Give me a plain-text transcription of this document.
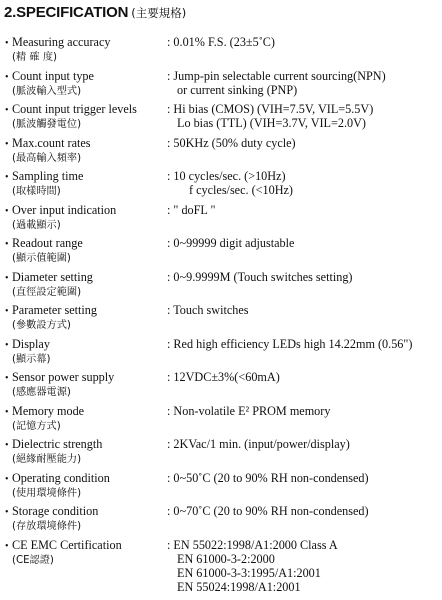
2.SPECIFICATION (主要規格)
• Measuring accuracy
(精 確 度)
: 0.01% F.S. (23±5˚C)
• Count input type
(脈波輸入型式)
: Jump-pin selectable current sourcing(NPN)
or current sinking (PNP)
• Count input trigger levels
(脈波觸發電位)
: Hi bias (CMOS) (VIH=7.5V, VIL=5.5V)
Lo bias (TTL) (VIH=3.7V, VIL=2.0V)
• Max.count rates
(最高輸入頻率)
: 50KHz (50% duty cycle)
• Sampling time
(取樣時間)
: 10 cycles/sec. (>10Hz)
f cycles/sec. (<10Hz)
• Over input indication
(過載顯示)
: " doFL "
• Readout range
(顯示值範圍)
: 0~99999 digit adjustable
• Diameter setting
(直徑設定範圍)
: 0~9.9999M (Touch switches setting)
• Parameter setting
(參數設方式)
: Touch switches
• Display
(顯示幕)
: Red high efficiency LEDs high 14.22mm (0.56")
• Sensor power supply
(感應器電源)
: 12VDC±3%(<60mA)
• Memory mode
(記憶方式)
: Non-volatile E² PROM memory
• Dielectric strength
(絕緣耐壓能力)
: 2KVac/1 min. (input/power/display)
• Operating condition
(使用環境條件)
: 0~50˚C (20 to 90% RH non-condensed)
• Storage condition
(存放環境條件)
: 0~70˚C (20 to 90% RH non-condensed)
• CE EMC Certification
(CE認證)
: EN 55022:1998/A1:2000 Class A
EN 61000-3-2:2000
EN 61000-3-3:1995/A1:2001
EN 55024:1998/A1:2001
